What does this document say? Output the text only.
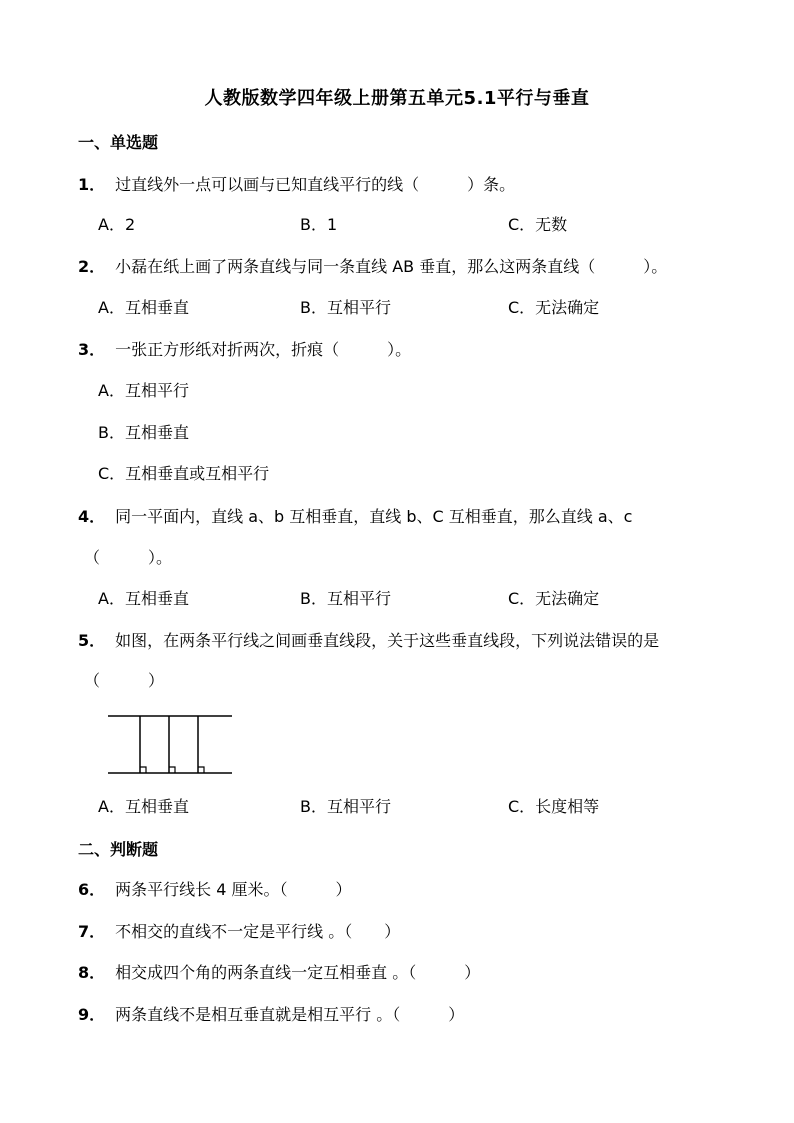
人教版数学四年级上册第五单元5.1平行与垂直
一、单选题
1． 过直线外一点可以画与已知直线平行的线（　　　）条。
A．2	B．1	C．无数
2． 小磊在纸上画了两条直线与同一条直线 AB 垂直，那么这两条直线（　　　）。
A．互相垂直	B．互相平行	C．无法确定
3． 一张正方形纸对折两次，折痕（　　　）。
A．互相平行
B．互相垂直
C．互相垂直或互相平行
4． 同一平面内，直线 a、b 互相垂直，直线 b、C 互相垂直，那么直线 a、c
（　　　）。
A．互相垂直	B．互相平行	C．无法确定
5． 如图，在两条平行线之间画垂直线段，关于这些垂直线段，下列说法错误的是
（　　　）
A．互相垂直	B．互相平行	C．长度相等
二、判断题
6． 两条平行线长 4 厘米。（　　　）
7． 不相交的直线不一定是平行线 。（　　）
8． 相交成四个角的两条直线一定互相垂直 。（　　　）
9． 两条直线不是相互垂直就是相互平行 。（　　　）
